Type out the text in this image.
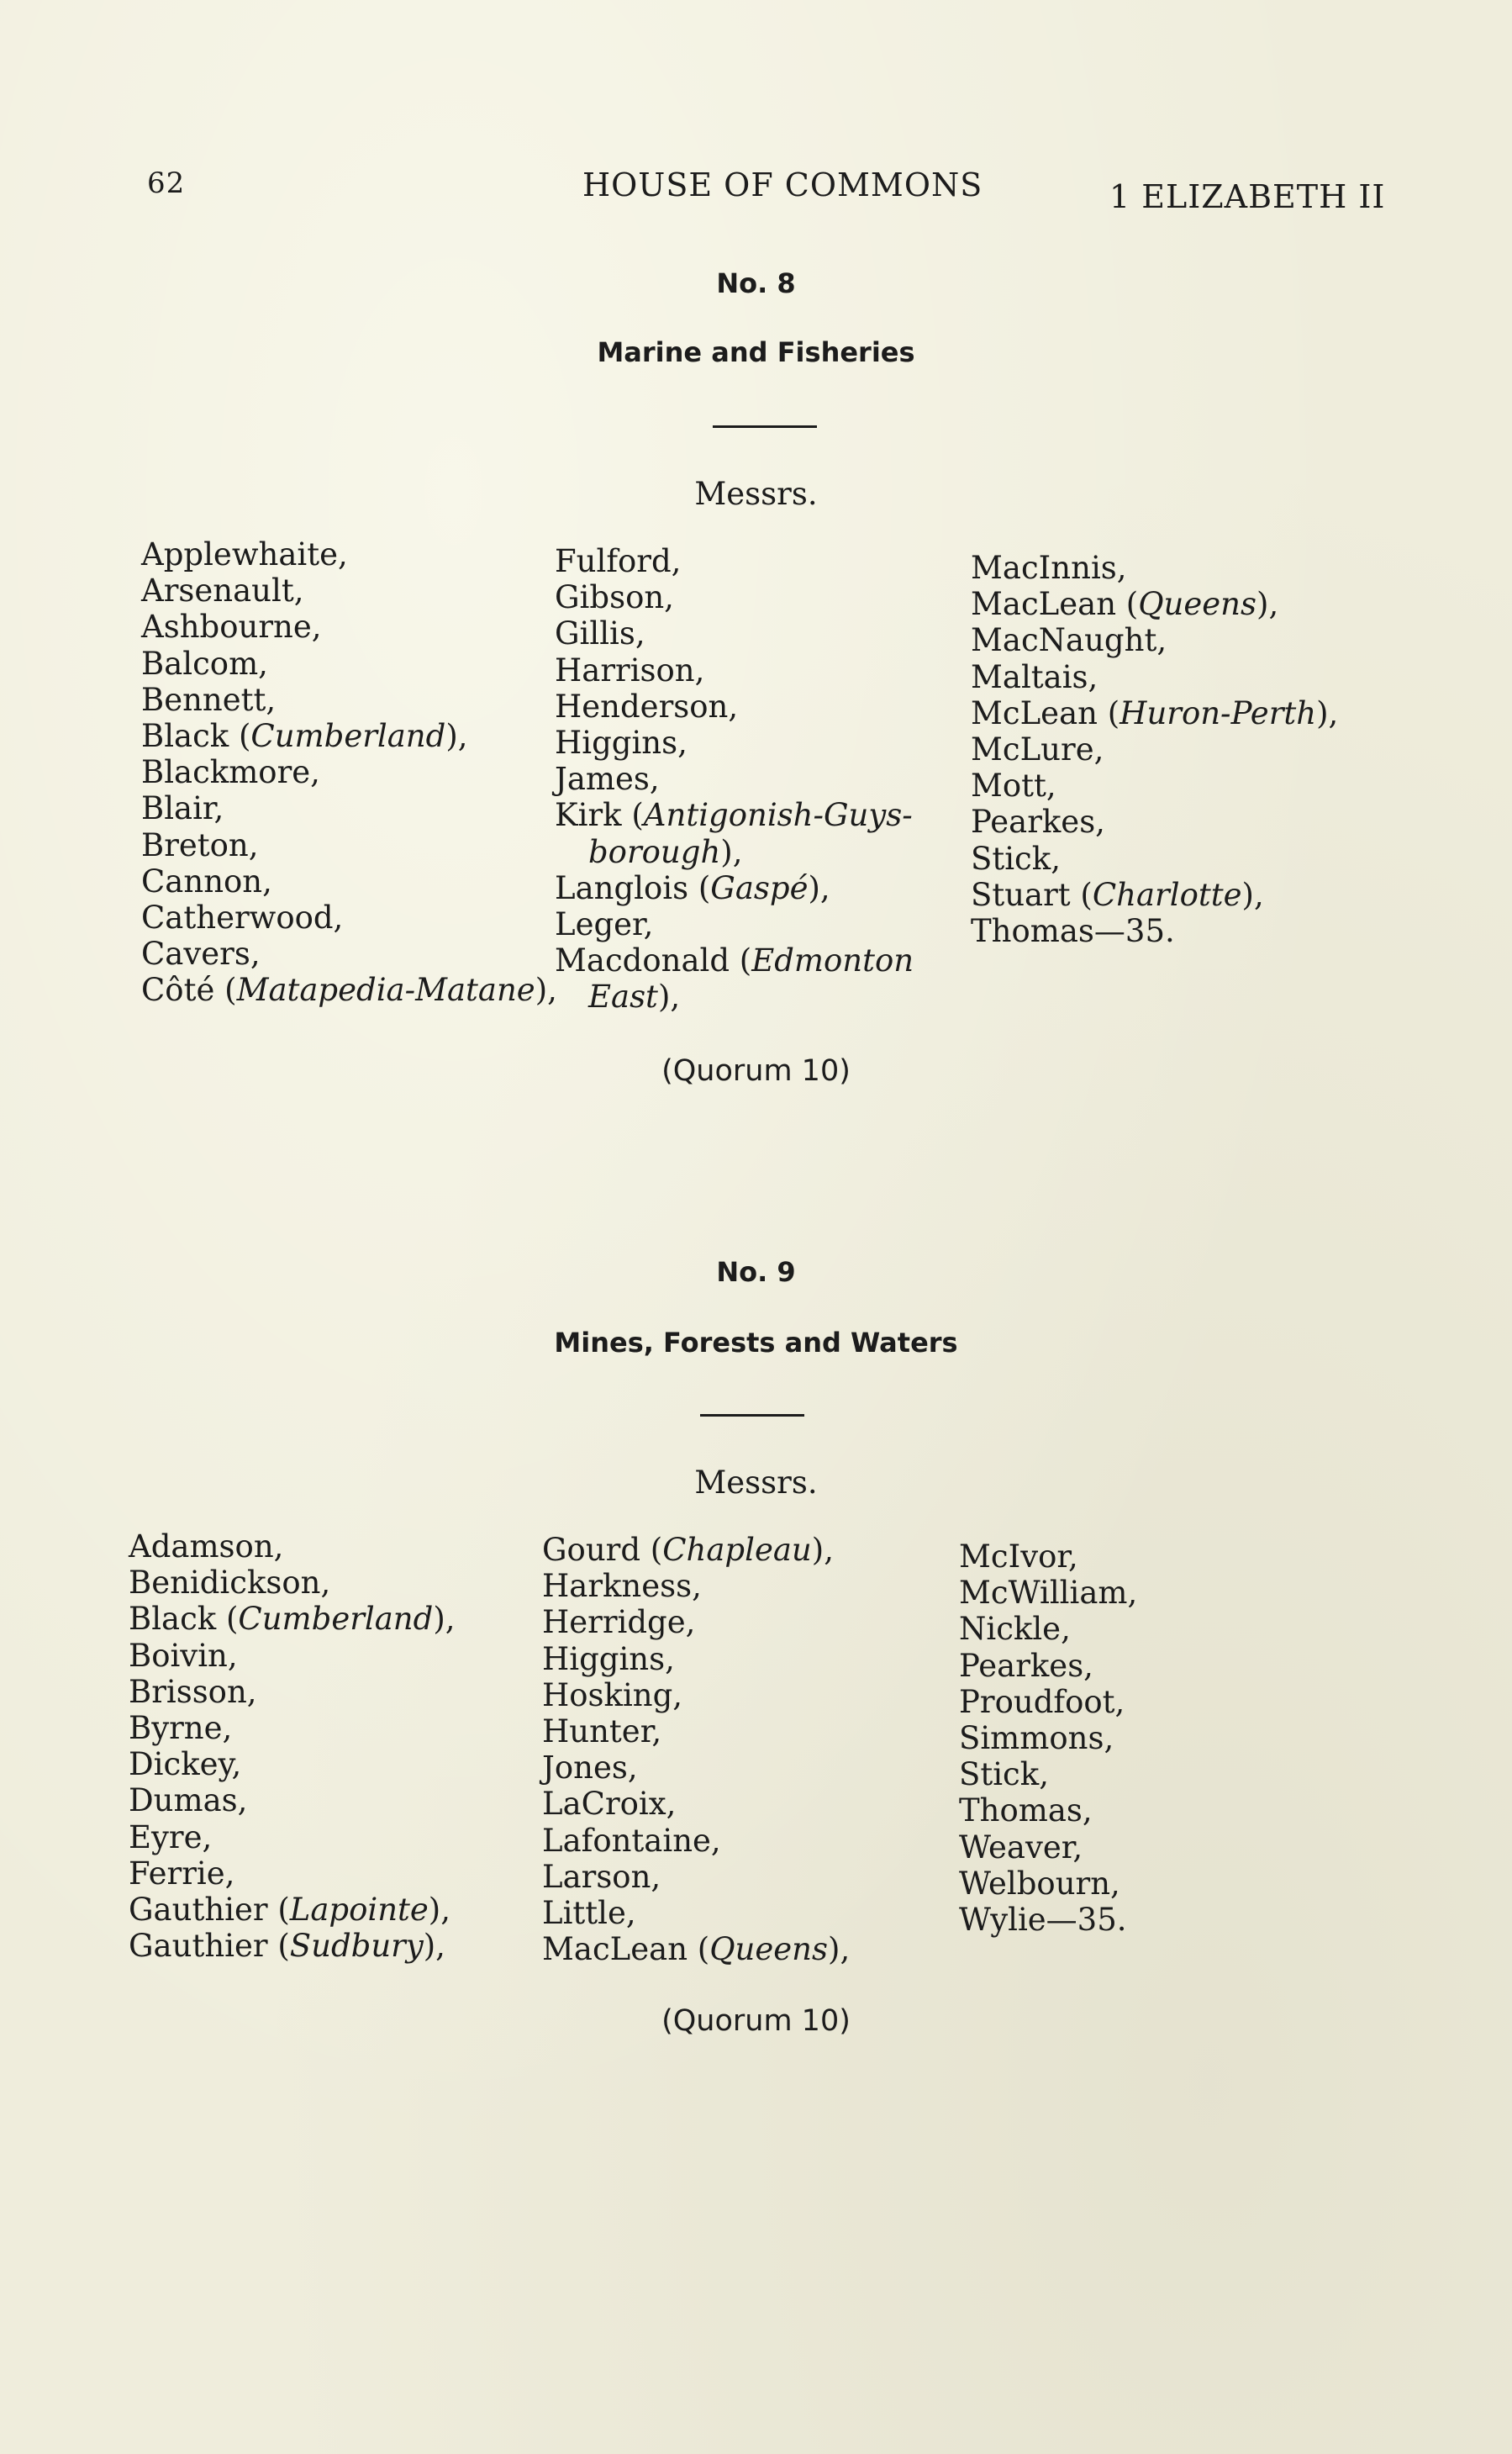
62	HOUSE OF COMMONS	1 ELIZABETH II
No. 8
Marine and Fisheries
Messrs.
Applewhaite,
Arsenault,
Ashbourne,
Balcom,
Bennett,
Black (Cumberland),
Blackmore,
Blair,
Breton,
Cannon,
Catherwood,
Cavers,
Côté (Matapedia-Matane),
Fulford,
Gibson,
Gillis,
Harrison,
Henderson,
Higgins,
James,
Kirk (Antigonish-Guys-
borough),
Langlois (Gaspé),
Leger,
Macdonald (Edmonton
East),
MacInnis,
MacLean (Queens),
MacNaught,
Maltais,
McLean (Huron-Perth),
McLure,
Mott,
Pearkes,
Stick,
Stuart (Charlotte),
Thomas—35.
(Quorum 10)
No. 9
Mines, Forests and Waters
Messrs.
Adamson,
Benidickson,
Black (Cumberland),
Boivin,
Brisson,
Byrne,
Dickey,
Dumas,
Eyre,
Ferrie,
Gauthier (Lapointe),
Gauthier (Sudbury),
Gourd (Chapleau),
Harkness,
Herridge,
Higgins,
Hosking,
Hunter,
Jones,
LaCroix,
Lafontaine,
Larson,
Little,
MacLean (Queens),
McIvor,
McWilliam,
Nickle,
Pearkes,
Proudfoot,
Simmons,
Stick,
Thomas,
Weaver,
Welbourn,
Wylie—35.
(Quorum 10)
